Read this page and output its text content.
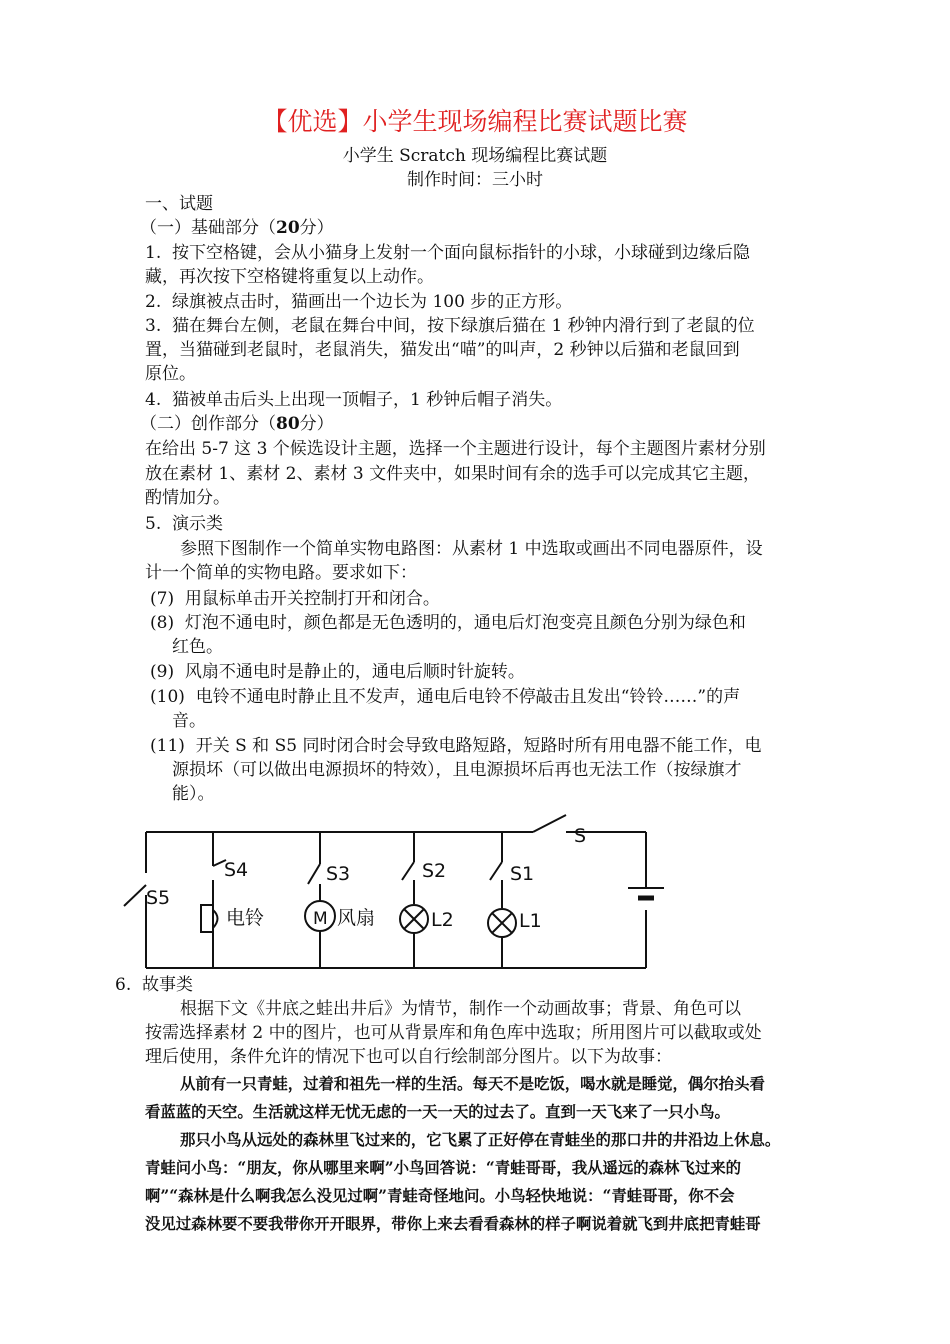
【优选】小学生现场编程比赛试题比赛
小学生 Scratch 现场编程比赛试题
制作时间：三小时
一、试题
（一）基础部分（20分）
1. 按下空格键，会从小猫身上发射一个面向鼠标指针的小球，小球碰到边缘后隐
藏，再次按下空格键将重复以上动作。
2. 绿旗被点击时，猫画出一个边长为 100 步的正方形。
3. 猫在舞台左侧，老鼠在舞台中间，按下绿旗后猫在 1 秒钟内滑行到了老鼠的位
置，当猫碰到老鼠时，老鼠消失，猫发出“喵”的叫声，2 秒钟以后猫和老鼠回到
原位。
4. 猫被单击后头上出现一顶帽子，1 秒钟后帽子消失。
（二）创作部分（80分）
在给出 5-7 这 3 个候选设计主题，选择一个主题进行设计，每个主题图片素材分别
放在素材 1、素材 2、素材 3 文件夹中，如果时间有余的选手可以完成其它主题，
酌情加分。
5. 演示类
参照下图制作一个简单实物电路图：从素材 1 中选取或画出不同电器原件，设
计一个简单的实物电路。要求如下：
(7) 用鼠标单击开关控制打开和闭合。
(8) 灯泡不通电时，颜色都是无色透明的，通电后灯泡变亮且颜色分别为绿色和
红色。
(9) 风扇不通电时是静止的，通电后顺时针旋转。
(10) 电铃不通电时静止且不发声，通电后电铃不停敲击且发出“铃铃……”的声
音。
(11) 开关 S 和 S5 同时闭合时会导致电路短路，短路时所有用电器不能工作，电
源损坏（可以做出电源损坏的特效），且电源损坏后再也无法工作（按绿旗才
能）。
S
S4	S3	S2	S1
S5
电铃	M 风扇	L2	L1
6. 故事类
根据下文《井底之蛙出井后》为情节，制作一个动画故事；背景、角色可以
按需选择素材 2 中的图片，也可从背景库和角色库中选取；所用图片可以截取或处
理后使用，条件允许的情况下也可以自行绘制部分图片。以下为故事：
从前有一只青蛙，过着和祖先一样的生活。每天不是吃饭，喝水就是睡觉，偶尔抬头看
看蓝蓝的天空。生活就这样无忧无虑的一天一天的过去了。直到一天飞来了一只小鸟。
那只小鸟从远处的森林里飞过来的，它飞累了正好停在青蛙坐的那口井的井沿边上休息。
青蛙问小鸟：“朋友，你从哪里来啊”小鸟回答说：“青蛙哥哥，我从遥远的森林飞过来的
啊”“森林是什么啊我怎么没见过啊”青蛙奇怪地问。小鸟轻快地说：“青蛙哥哥，你不会
没见过森林要不要我带你开开眼界，带你上来去看看森林的样子啊说着就飞到井底把青蛙哥
